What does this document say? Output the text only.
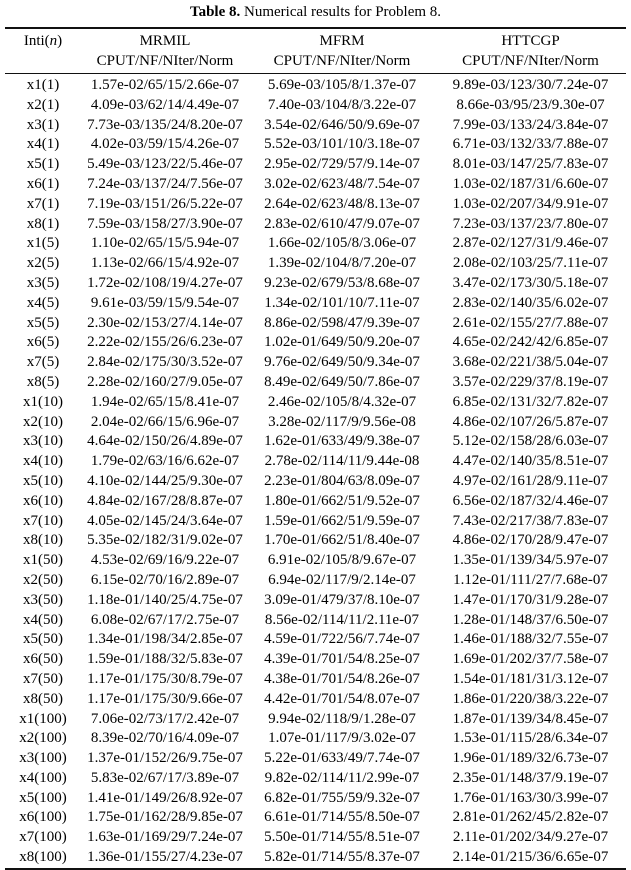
Table 8. Numerical results for Problem 8.
Inti(n)	MRMIL	MFRM	HTTCGP
	CPUT/NF/NIter/Norm	CPUT/NF/NIter/Norm	CPUT/NF/NIter/Norm
x1(1)	1.57e-02/65/15/2.66e-07	5.69e-03/105/8/1.37e-07	9.89e-03/123/30/7.24e-07
x2(1)	4.09e-03/62/14/4.49e-07	7.40e-03/104/8/3.22e-07	8.66e-03/95/23/9.30e-07
x3(1)	7.73e-03/135/24/8.20e-07	3.54e-02/646/50/9.69e-07	7.99e-03/133/24/3.84e-07
x4(1)	4.02e-03/59/15/4.26e-07	5.52e-03/101/10/3.18e-07	6.71e-03/132/33/7.88e-07
x5(1)	5.49e-03/123/22/5.46e-07	2.95e-02/729/57/9.14e-07	8.01e-03/147/25/7.83e-07
x6(1)	7.24e-03/137/24/7.56e-07	3.02e-02/623/48/7.54e-07	1.03e-02/187/31/6.60e-07
x7(1)	7.19e-03/151/26/5.22e-07	2.64e-02/623/48/8.13e-07	1.03e-02/207/34/9.91e-07
x8(1)	7.59e-03/158/27/3.90e-07	2.83e-02/610/47/9.07e-07	7.23e-03/137/23/7.80e-07
x1(5)	1.10e-02/65/15/5.94e-07	1.66e-02/105/8/3.06e-07	2.87e-02/127/31/9.46e-07
x2(5)	1.13e-02/66/15/4.92e-07	1.39e-02/104/8/7.20e-07	2.08e-02/103/25/7.11e-07
x3(5)	1.72e-02/108/19/4.27e-07	9.23e-02/679/53/8.68e-07	3.47e-02/173/30/5.18e-07
x4(5)	9.61e-03/59/15/9.54e-07	1.34e-02/101/10/7.11e-07	2.83e-02/140/35/6.02e-07
x5(5)	2.30e-02/153/27/4.14e-07	8.86e-02/598/47/9.39e-07	2.61e-02/155/27/7.88e-07
x6(5)	2.22e-02/155/26/6.23e-07	1.02e-01/649/50/9.20e-07	4.65e-02/242/42/6.85e-07
x7(5)	2.84e-02/175/30/3.52e-07	9.76e-02/649/50/9.34e-07	3.68e-02/221/38/5.04e-07
x8(5)	2.28e-02/160/27/9.05e-07	8.49e-02/649/50/7.86e-07	3.57e-02/229/37/8.19e-07
x1(10)	1.94e-02/65/15/8.41e-07	2.46e-02/105/8/4.32e-07	6.85e-02/131/32/7.82e-07
x2(10)	2.04e-02/66/15/6.96e-07	3.28e-02/117/9/9.56e-08	4.86e-02/107/26/5.87e-07
x3(10)	4.64e-02/150/26/4.89e-07	1.62e-01/633/49/9.38e-07	5.12e-02/158/28/6.03e-07
x4(10)	1.79e-02/63/16/6.62e-07	2.78e-02/114/11/9.44e-08	4.47e-02/140/35/8.51e-07
x5(10)	4.10e-02/144/25/9.30e-07	2.23e-01/804/63/8.09e-07	4.97e-02/161/28/9.11e-07
x6(10)	4.84e-02/167/28/8.87e-07	1.80e-01/662/51/9.52e-07	6.56e-02/187/32/4.46e-07
x7(10)	4.05e-02/145/24/3.64e-07	1.59e-01/662/51/9.59e-07	7.43e-02/217/38/7.83e-07
x8(10)	5.35e-02/182/31/9.02e-07	1.70e-01/662/51/8.40e-07	4.86e-02/170/28/9.47e-07
x1(50)	4.53e-02/69/16/9.22e-07	6.91e-02/105/8/9.67e-07	1.35e-01/139/34/5.97e-07
x2(50)	6.15e-02/70/16/2.89e-07	6.94e-02/117/9/2.14e-07	1.12e-01/111/27/7.68e-07
x3(50)	1.18e-01/140/25/4.75e-07	3.09e-01/479/37/8.10e-07	1.47e-01/170/31/9.28e-07
x4(50)	6.08e-02/67/17/2.75e-07	8.56e-02/114/11/2.11e-07	1.28e-01/148/37/6.50e-07
x5(50)	1.34e-01/198/34/2.85e-07	4.59e-01/722/56/7.74e-07	1.46e-01/188/32/7.55e-07
x6(50)	1.59e-01/188/32/5.83e-07	4.39e-01/701/54/8.25e-07	1.69e-01/202/37/7.58e-07
x7(50)	1.17e-01/175/30/8.79e-07	4.38e-01/701/54/8.26e-07	1.54e-01/181/31/3.12e-07
x8(50)	1.17e-01/175/30/9.66e-07	4.42e-01/701/54/8.07e-07	1.86e-01/220/38/3.22e-07
x1(100)	7.06e-02/73/17/2.42e-07	9.94e-02/118/9/1.28e-07	1.87e-01/139/34/8.45e-07
x2(100)	8.39e-02/70/16/4.09e-07	1.07e-01/117/9/3.02e-07	1.53e-01/115/28/6.34e-07
x3(100)	1.37e-01/152/26/9.75e-07	5.22e-01/633/49/7.74e-07	1.96e-01/189/32/6.73e-07
x4(100)	5.83e-02/67/17/3.89e-07	9.82e-02/114/11/2.99e-07	2.35e-01/148/37/9.19e-07
x5(100)	1.41e-01/149/26/8.92e-07	6.82e-01/755/59/9.32e-07	1.76e-01/163/30/3.99e-07
x6(100)	1.75e-01/162/28/9.85e-07	6.61e-01/714/55/8.50e-07	2.81e-01/262/45/2.82e-07
x7(100)	1.63e-01/169/29/7.24e-07	5.50e-01/714/55/8.51e-07	2.11e-01/202/34/9.27e-07
x8(100)	1.36e-01/155/27/4.23e-07	5.82e-01/714/55/8.37e-07	2.14e-01/215/36/6.65e-07
